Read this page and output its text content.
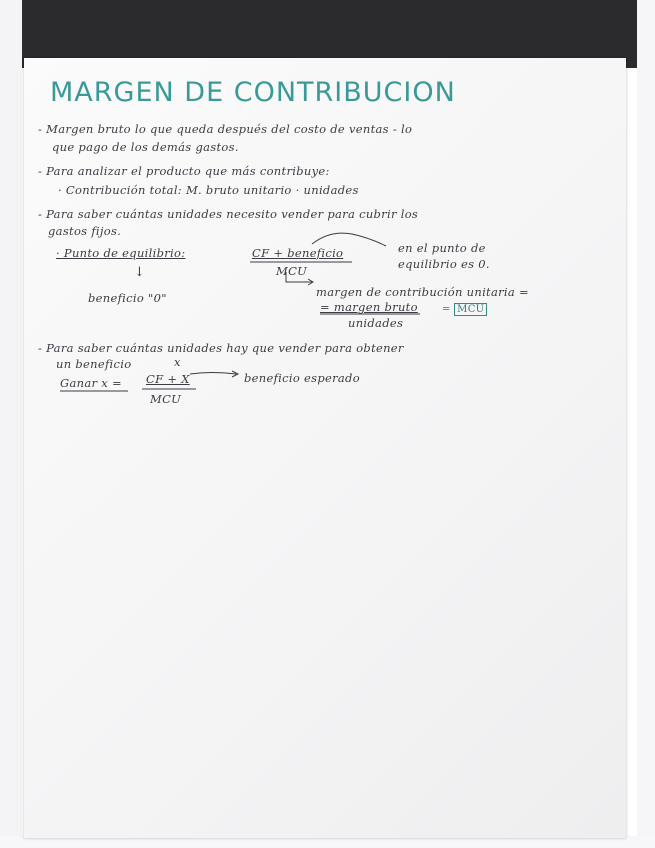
MARGEN DE CONTRIBUCION
- Margen bruto lo que queda después del costo de ventas - lo
que pago de los demás gastos.
- Para analizar el producto que más contribuye:
· Contribución total: M. bruto unitario · unidades
- Para saber cuántas unidades necesito vender para cubrir los
gastos fijos.
· Punto de equilibrio:	CF + beneficio
MCU
en el punto de
equilibrio es 0.
↓
beneficio "0"	margen de contribución unitaria =
= margen bruto
unidades
= MCU
- Para saber cuántas unidades hay que vender para obtener
un beneficio	x
Ganar x = CF + X
MCU
beneficio esperado
